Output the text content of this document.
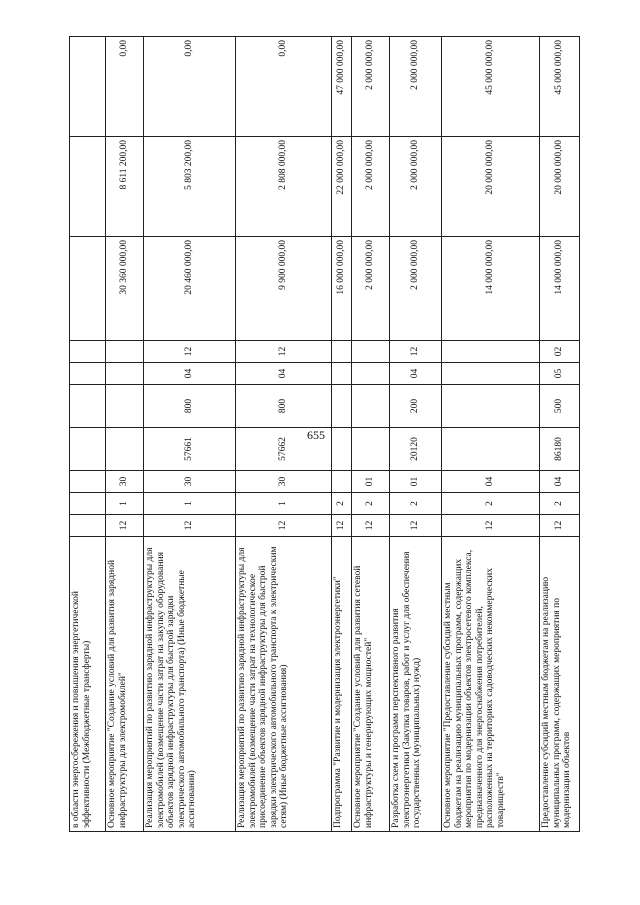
655
в области энергосбережения и повышения энергетической эффективности (Межбюджетные трансферты)										
Основное мероприятие "Создание условий для развития зарядной инфраструктуры для электромобилей"	12	1	30					30 360 000,00	8 611 200,00	0,00
Реализация мероприятий по развитию зарядной инфраструктуры для электромобилей (возмещение части затрат на закупку оборудования объектов зарядной инфраструктуры для быстрой зарядки электрического автомобильного транспорта) (Иные бюджетные ассигнования)	12	1	30	57661	800	04	12	20 460 000,00	5 803 200,00	0,00
Реализация мероприятий по развитию зарядной инфраструктуры для электромобилей (возмещение части затрат на технологическое присоединение объектов зарядной инфраструктуры для быстрой зарядки электрического автомобильного транспорта к электрическим сетям) (Иные бюджетные ассигнования)	12	1	30	57662	800	04	12	9 900 000,00	2 808 000,00	0,00
Подпрограмма "Развитие и модернизация электроэнергетики"	12	2						16 000 000,00	22 000 000,00	47 000 000,00
Основное мероприятие "Создание условий для развития сетевой инфраструктуры и генерирующих мощностей"	12	2	01					2 000 000,00	2 000 000,00	2 000 000,00
Разработка схем и программ перспективного развития электроэнергетики (Закупка товаров, работ и услуг для обеспечения государственных (муниципальных) нужд)	12	2	01	20120	200	04	12	2 000 000,00	2 000 000,00	2 000 000,00
Основное мероприятие "Предоставление субсидий местным бюджетам на реализацию муниципальных программ, содержащих мероприятия по модернизации объектов электросетевого комплекса, предназначенного для энергоснабжения потребителей, расположенных на территориях садоводческих некоммерческих товариществ"	12	2	04					14 000 000,00	20 000 000,00	45 000 000,00
Предоставление субсидий местным бюджетам на реализацию муниципальных программ, содержащих мероприятия по модернизации объектов	12	2	04	86180	500	05	02	14 000 000,00	20 000 000,00	45 000 000,00
